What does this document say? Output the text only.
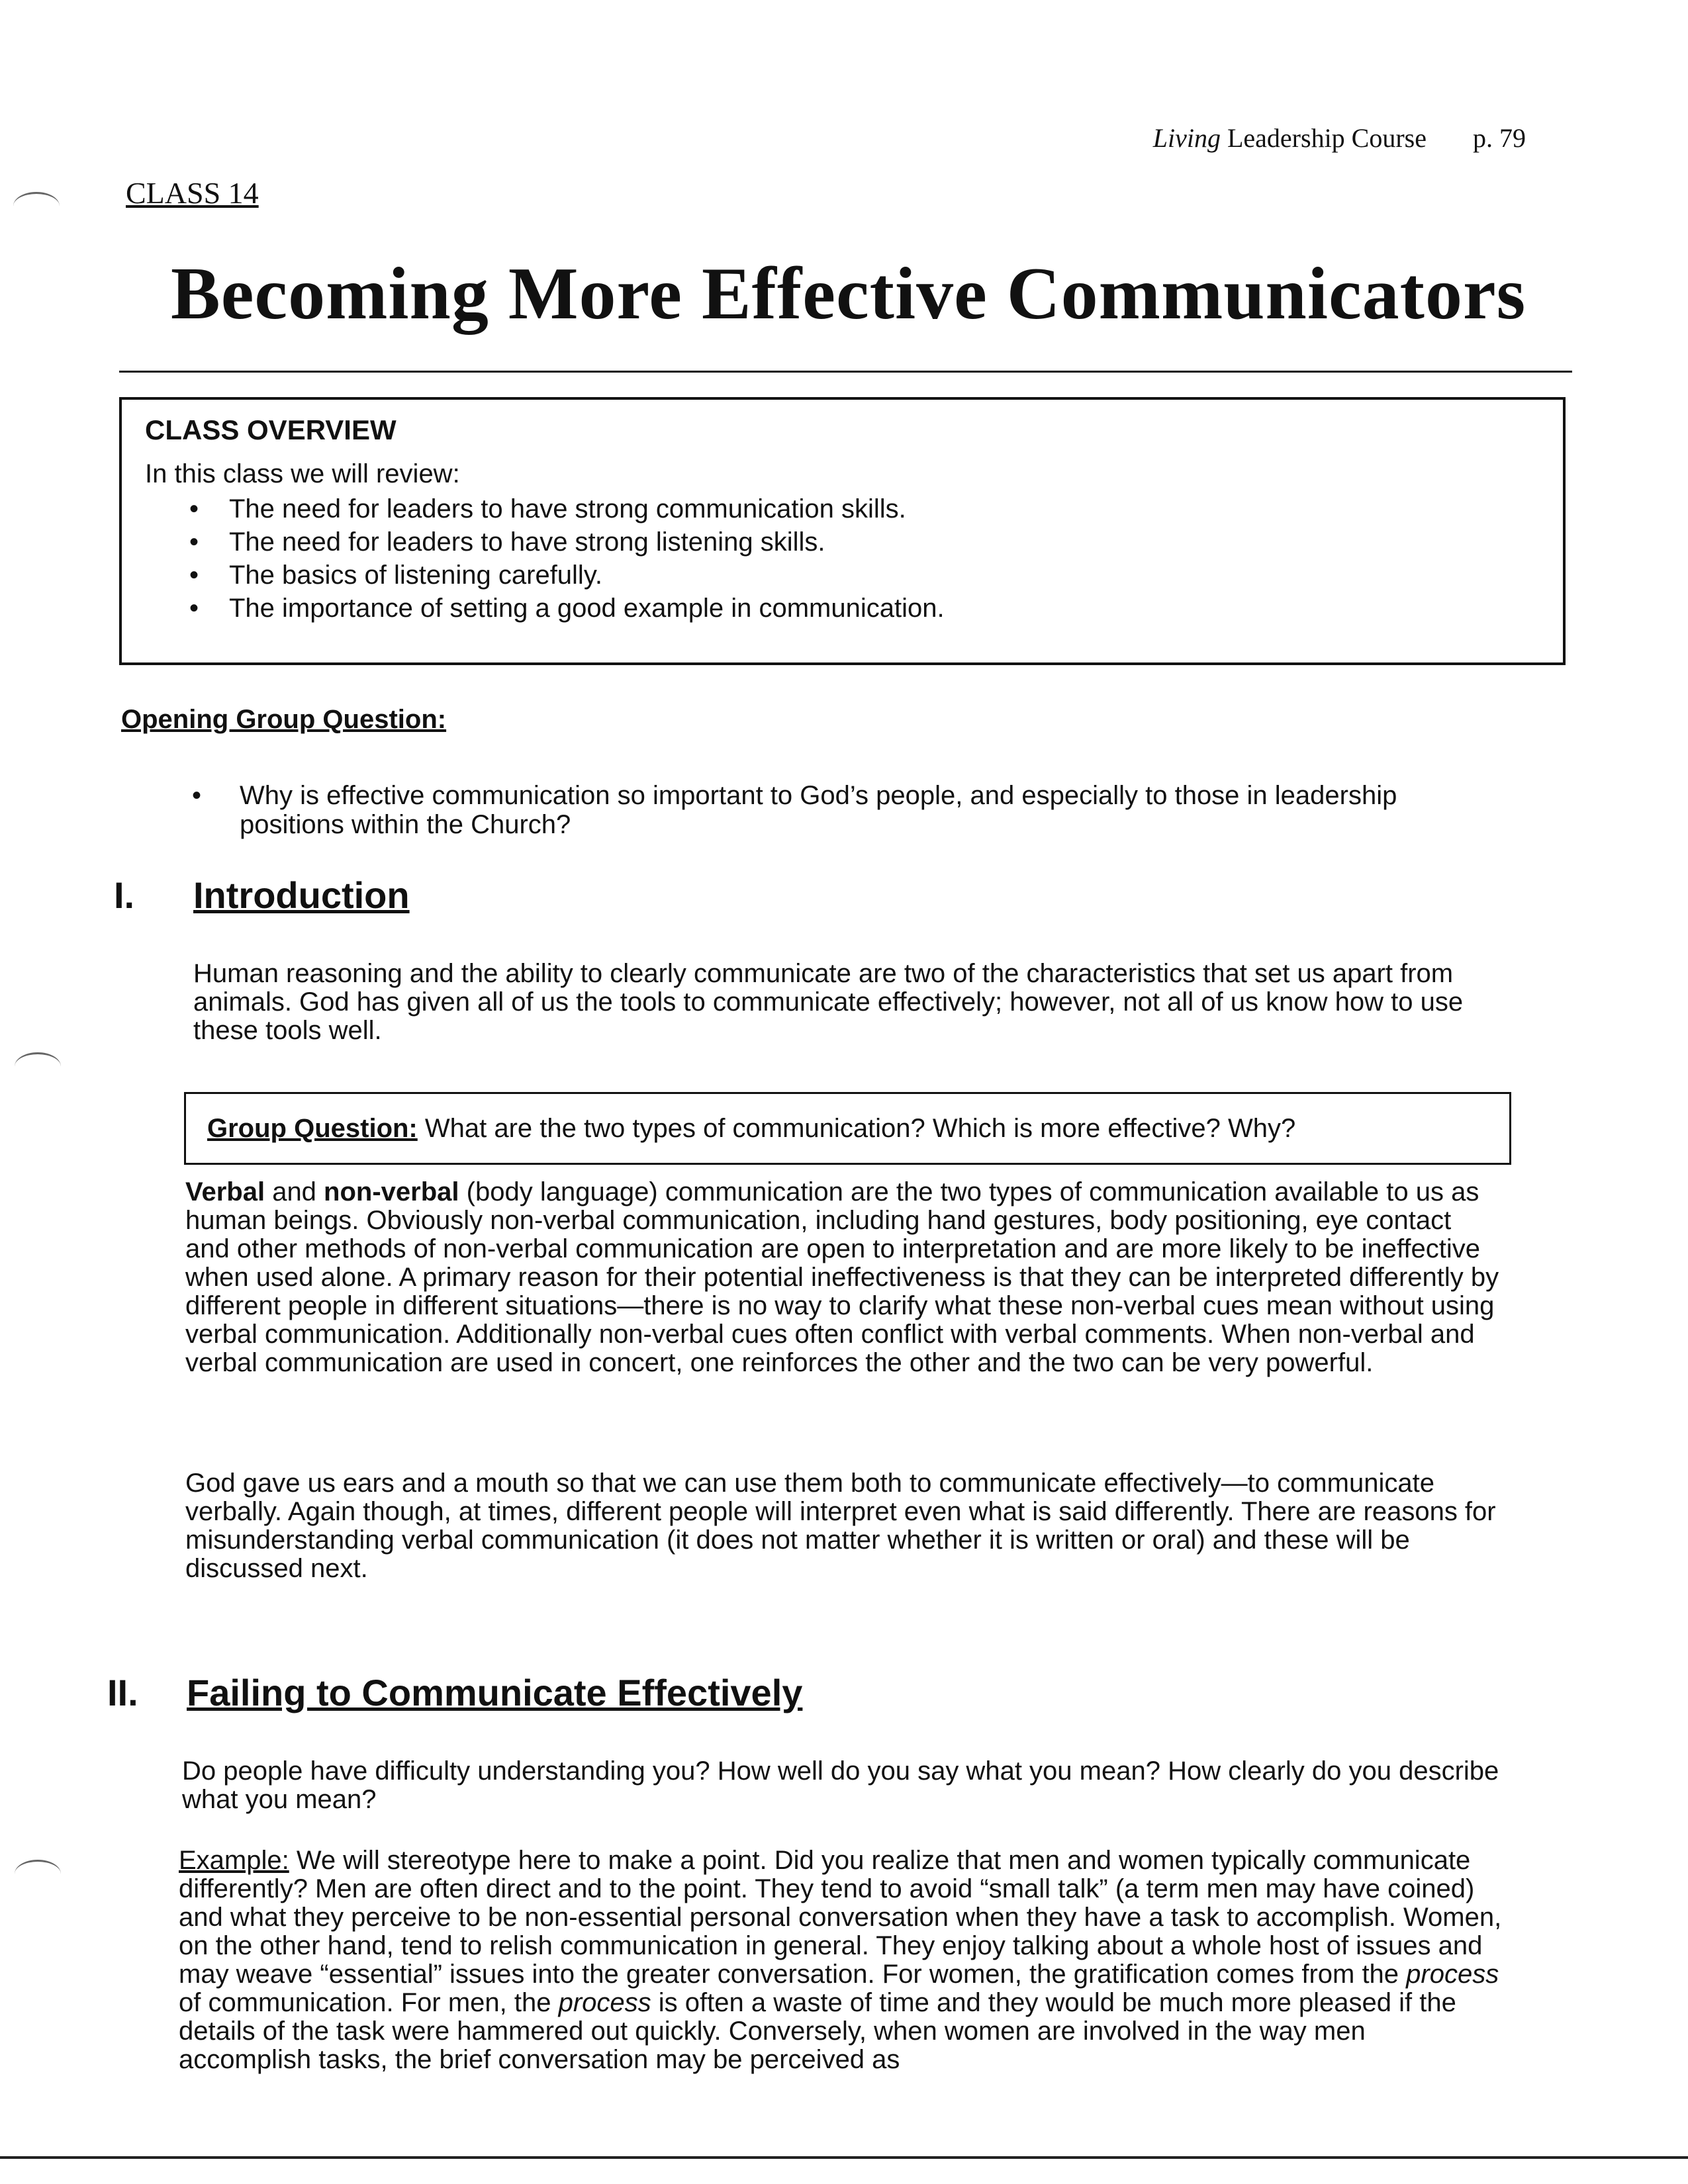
Living Leadership Course p. 79
CLASS 14
Becoming More Effective Communicators
CLASS OVERVIEW
In this class we will review:
• The need for leaders to have strong communication skills.
• The need for leaders to have strong listening skills.
• The basics of listening carefully.
• The importance of setting a good example in communication.
Opening Group Question:
• Why is effective communication so important to God’s people, and especially to those in leadership positions within the Church?
I. Introduction

Human reasoning and the ability to clearly communicate are two of the characteristics that set us apart from animals. God has given all of us the tools to communicate effectively; however, not all of us know how to use these tools well.

Group Question: What are the two types of communication? Which is more effective? Why?

Verbal and non-verbal (body language) communication are the two types of communication available to us as human beings. Obviously non-verbal communication, including hand gestures, body positioning, eye contact and other methods of non-verbal communication are open to interpretation and are more likely to be ineffective when used alone. A primary reason for their potential ineffectiveness is that they can be interpreted differently by different people in different situations—there is no way to clarify what these non-verbal cues mean without using verbal communication. Additionally non-verbal cues often conflict with verbal comments. When non-verbal and verbal communication are used in concert, one reinforces the other and the two can be very powerful.

God gave us ears and a mouth so that we can use them both to communicate effectively—to communicate verbally. Again though, at times, different people will interpret even what is said differently. There are reasons for misunderstanding verbal communication (it does not matter whether it is written or oral) and these will be discussed next.

II. Failing to Communicate Effectively

Do people have difficulty understanding you? How well do you say what you mean? How clearly do you describe what you mean?

Example: We will stereotype here to make a point. Did you realize that men and women typically communicate differently? Men are often direct and to the point. They tend to avoid “small talk” (a term men may have coined) and what they perceive to be non-essential personal conversation when they have a task to accomplish. Women, on the other hand, tend to relish communication in general. They enjoy talking about a whole host of issues and may weave “essential” issues into the greater conversation. For women, the gratification comes from the process of communication. For men, the process is often a waste of time and they would be much more pleased if the details of the task were hammered out quickly. Conversely, when women are involved in the way men accomplish tasks, the brief conversation may be perceived as
